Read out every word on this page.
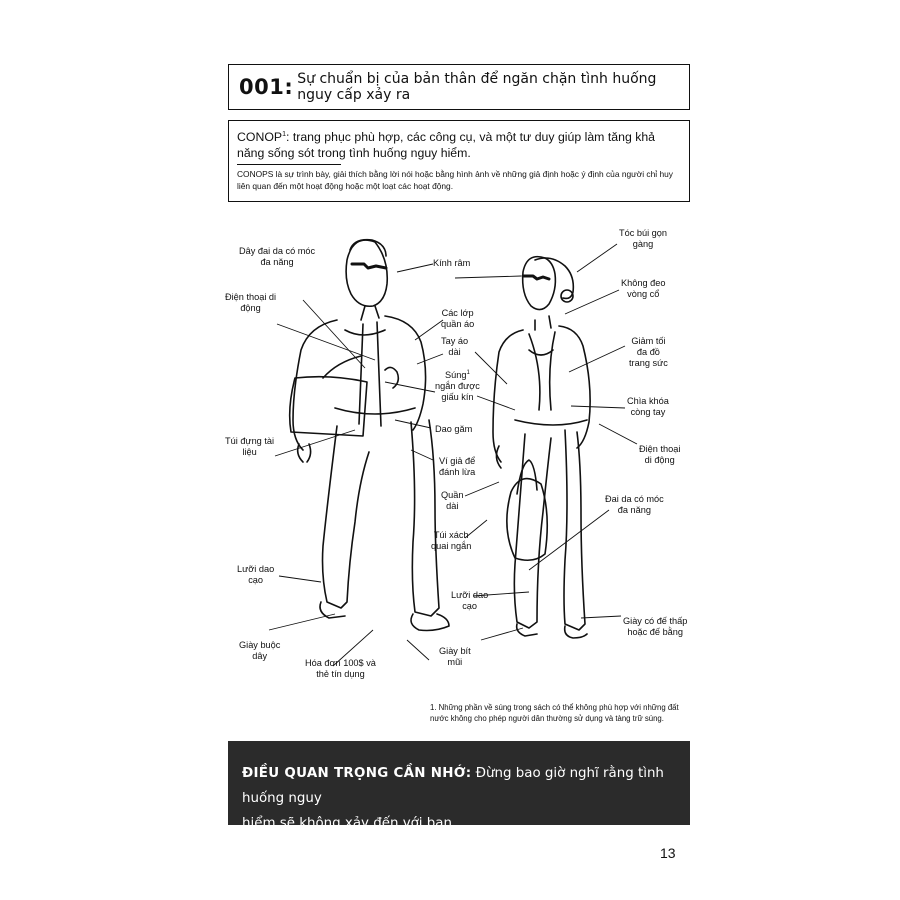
001: Sự chuẩn bị của bản thân để ngăn chặn tình huống nguy cấp xảy ra
CONOP$^1$: trang phục phù hợp, các công cụ, và một tư duy giúp làm tăng khả năng sống sót trong tình huống nguy hiểm.
CONOPS là sự trình bày, giải thích bằng lời nói hoặc bằng hình ảnh về những giả định hoặc ý định của người chỉ huy liên quan đến một hoạt động hoặc một loạt các hoạt động.
Dây đai da có móc
đa năng
Điện thoại di
động
Túi đựng tài
liệu
Lưỡi dao
cạo
Giày buộc
dây
Hóa đơn 100$ và
thẻ tín dụng
Kính râm
Các lớp
quần áo
Tay áo
dài
Súng$^1$
ngắn được
giấu kín
Dao găm
Ví giả để
đánh lừa
Quần
dài
Túi xách
quai ngắn
Lưỡi dao
cạo
Giày bít
mũi
Tóc búi gọn
gàng
Không đeo
vòng cổ
Giảm tối
đa đồ
trang sức
Chìa khóa
còng tay
Điện thoại
di động
Đai da có móc
đa năng
Giày có đế thấp
hoặc đế bằng
1. Những phần về súng trong sách có thể không phù hợp với những đất nước không cho phép người dân thường sử dụng và tàng trữ súng.
ĐIỀU QUAN TRỌNG CẦN NHỚ: Đừng bao giờ nghĩ rằng tình huống nguy
hiểm sẽ không xảy đến với bạn.
13
